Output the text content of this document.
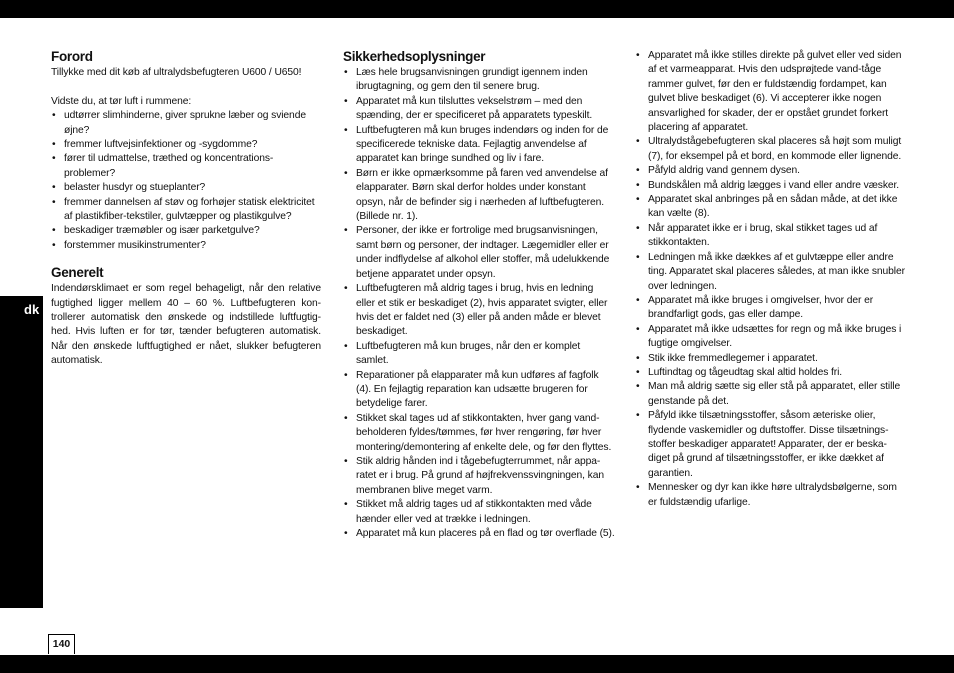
dk
140
Forord

Tillykke med dit køb af ultralydsbefugteren U600 / U650!

Vidste du, at tør luft i rummene:

• udtørrer slimhinderne, giver sprukne læber og sviende øjne?
• fremmer luftvejsinfektioner og -sygdomme?
• fører til udmattelse, træthed og koncentrations-problemer?
• belaster husdyr og stueplanter?
• fremmer dannelsen af støv og forhøjer statisk elektricitet af plastikfiber-tekstiler, gulvtæpper og plastikgulve?
• beskadiger træmøbler og især parketgulve?
• forstemmer musikinstrumenter?
Generelt

Indendørsklimaet er som regel behageligt, når den relative fugtighed ligger mellem 40 – 60 %. Luftbefugteren kon-trollerer automatisk den ønskede og indstillede luftfugtig-hed. Hvis luften er for tør, tænder befugteren automatisk. Når den ønskede luftfugtighed er nået, slukker befugteren automatisk.

Sikkerhedsoplysninger
• Læs hele brugsanvisningen grundigt igennem inden ibrugtagning, og gem den til senere brug.
• Apparatet må kun tilsluttes vekselstrøm – med den spænding, der er specificeret på apparatets typeskilt.
• Luftbefugteren må kun bruges indendørs og inden for de specificerede tekniske data. Fejlagtig anvendelse af apparatet kan bringe sundhed og liv i fare.
• Børn er ikke opmærksomme på faren ved anvendelse af elapparater. Børn skal derfor holdes under konstant opsyn, når de befinder sig i nærheden af luftbefugteren. (Billede nr. 1).
• Personer, der ikke er fortrolige med brugsanvisningen, samt børn og personer, der indtager. Lægemidler eller er under indflydelse af alkohol eller stoffer, må udelukkende betjene apparatet under opsyn.
• Luftbefugteren må aldrig tages i brug, hvis en ledning eller et stik er beskadiget (2), hvis apparatet svigter, eller hvis det er faldet ned (3) eller på anden måde er blevet beskadiget.
• Luftbefugteren må kun bruges, når den er komplet samlet.
• Reparationer på elapparater må kun udføres af fagfolk (4). En fejlagtig reparation kan udsætte brugeren for betydelige farer.
• Stikket skal tages ud af stikkontakten, hver gang vand-beholderen fyldes/tømmes, før hver rengøring, før hver montering/demontering af enkelte dele, og før den flyttes.
• Stik aldrig hånden ind i tågebefugterrummet, når appa-ratet er i brug. På grund af højfrekvenssvingningen, kan membranen blive meget varm.
• Stikket må aldrig tages ud af stikkontakten med våde hænder eller ved at trække i ledningen.
• Apparatet må kun placeres på en flad og tør overflade (5).
• Apparatet må ikke stilles direkte på gulvet eller ved siden af et varmeapparat. Hvis den udsprøjtede vand-tåge rammer gulvet, før den er fuldstændig fordampet, kan gulvet blive beskadiget (6). Vi accepterer ikke nogen ansvarlighed for skader, der er opstået grundet forkert placering af apparatet.
• Ultralydstågebefugteren skal placeres så højt som muligt (7), for eksempel på et bord, en kommode eller lignende.
• Påfyld aldrig vand gennem dysen.
• Bundskålen må aldrig lægges i vand eller andre væsker.
• Apparatet skal anbringes på en sådan måde, at det ikke kan vælte (8).
• Når apparatet ikke er i brug, skal stikket tages ud af stikkontakten.
• Ledningen må ikke dækkes af et gulvtæppe eller andre ting. Apparatet skal placeres således, at man ikke snubler over ledningen.
• Apparatet må ikke bruges i omgivelser, hvor der er brandfarligt gods, gas eller dampe.
• Apparatet må ikke udsættes for regn og må ikke bruges i fugtige omgivelser.
• Stik ikke fremmedlegemer i apparatet.
• Luftindtag og tågeudtag skal altid holdes fri.
• Man må aldrig sætte sig eller stå på apparatet, eller stille genstande på det.
• Påfyld ikke tilsætningsstoffer, såsom æteriske olier, flydende vaskemidler og duftstoffer. Disse tilsætnings-stoffer beskadiger apparatet! Apparater, der er beska-diget på grund af tilsætningsstoffer, er ikke dækket af garantien.
• Mennesker og dyr kan ikke høre ultralydsbølgerne, som er fuldstændig ufarlige.
